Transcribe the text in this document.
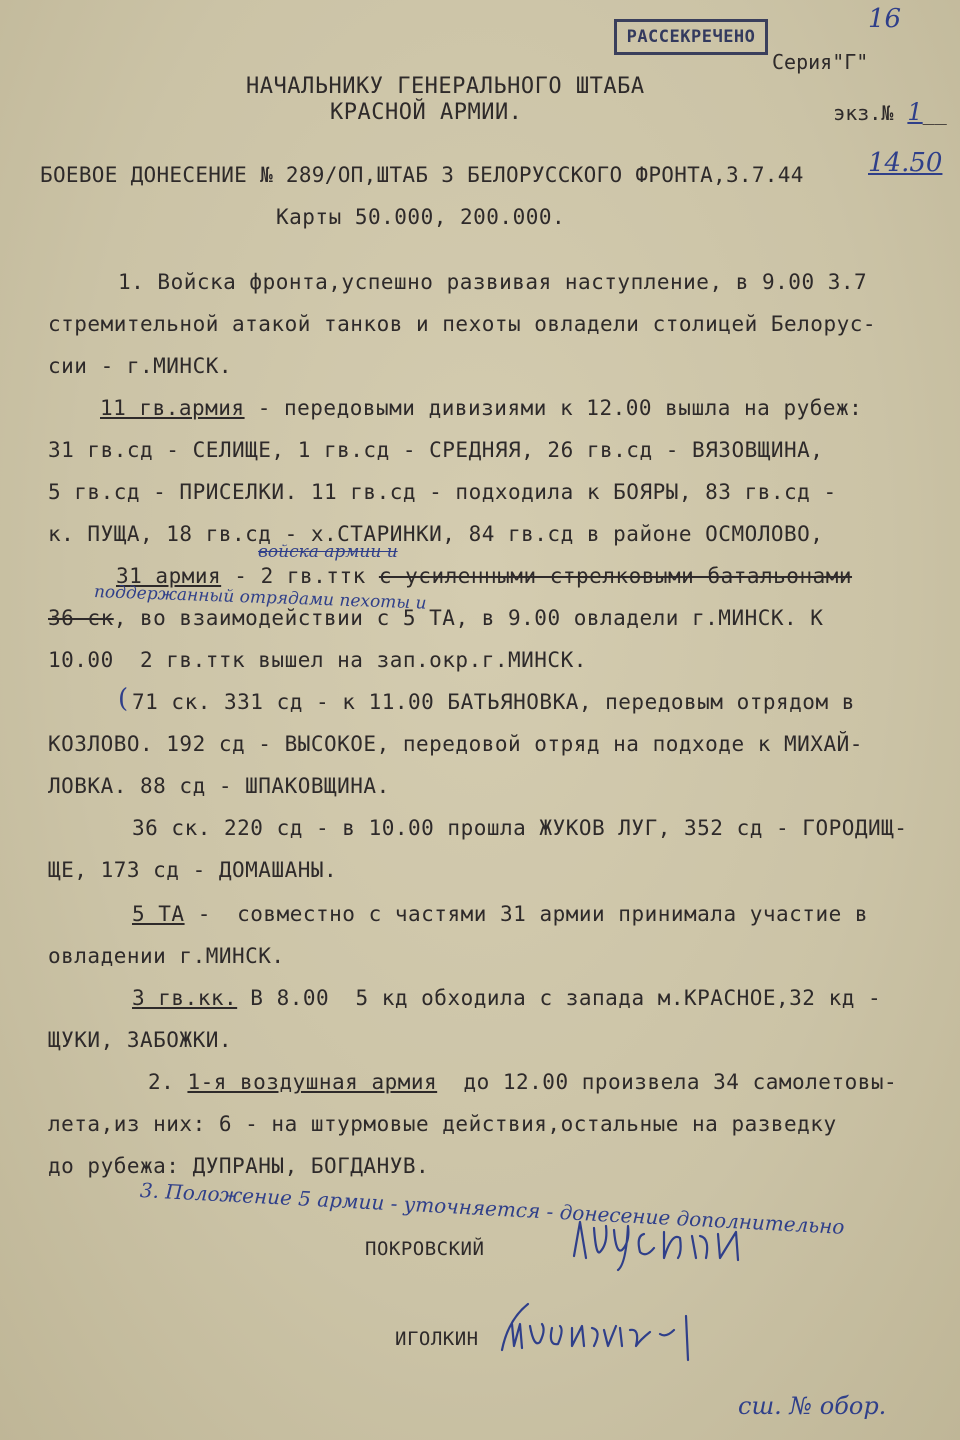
16
РАССЕКРЕЧЕНО
Серия"Г"

экз.№ 1__

НАЧАЛЬНИКУ ГЕНЕРАЛЬНОГО ШТАБА
КРАСНОЙ АРМИИ.
БОЕВОЕ ДОНЕСЕНИЕ № 289/ОП,ШТАБ 3 БЕЛОРУССКОГО ФРОНТА,3.7.44 14.50
Карты 50.000, 200.000.
1. Войска фронта,успешно развивая наступление, в 9.00 3.7
стремительной атакой танков и пехоты овладели столицей Белорус-
сии - г.МИНСК.
11 гв.армия - передовыми дивизиями к 12.00 вышла на рубеж:
31 гв.сд - СЕЛИЩЕ, 1 гв.сд - СРЕДНЯЯ, 26 гв.сд - ВЯЗОВЩИНА,
5 гв.сд - ПРИСЕЛКИ. 11 гв.сд - подходила к БОЯРЫ, 83 гв.сд -
к. ПУЩА, 18 гв.сд - х.СТАРИНКИ, 84 гв.сд в районе ОСМОЛОВО,
войска армии и
31 армия - 2 гв.ттк с усиленными стрелковыми батальонами
поддержанный отрядами пехоты и
36 ск, во взаимодействии с 5 ТА, в 9.00 овладели г.МИНСК. К
10.00  2 гв.ттк вышел на зап.окр.г.МИНСК.
( 71 ск. 331 сд - к 11.00 БАТЬЯНОВКА, передовым отрядом в
КОЗЛОВО. 192 сд - ВЫСОКОЕ, передовой отряд на подходе к МИХАЙ-
ЛОВКА. 88 сд - ШПАКОВЩИНА.
36 ск. 220 сд - в 10.00 прошла ЖУКОВ ЛУГ, 352 сд - ГОРОДИЩ-
ЩЕ, 173 сд - ДОМАШАНЫ.
5 ТА -  совместно с частями 31 армии принимала участие в
овладении г.МИНСК.
3 гв.кк. В 8.00  5 кд обходила с запада м.КРАСНОЕ,32 кд -
ЩУКИ, ЗАБОЖКИ.
2. 1-я воздушная армия  до 12.00 произвела 34 самолетовы-
лета,из них: 6 - на штурмовые действия,остальные на разведку
до рубежа: ДУПРАНЫ, БОГДАНУВ.
3. Положение 5 армии - уточняется - донесение дополнительно
ПОКРОВСКИЙ
ИГОЛКИН
сш. № обор.
